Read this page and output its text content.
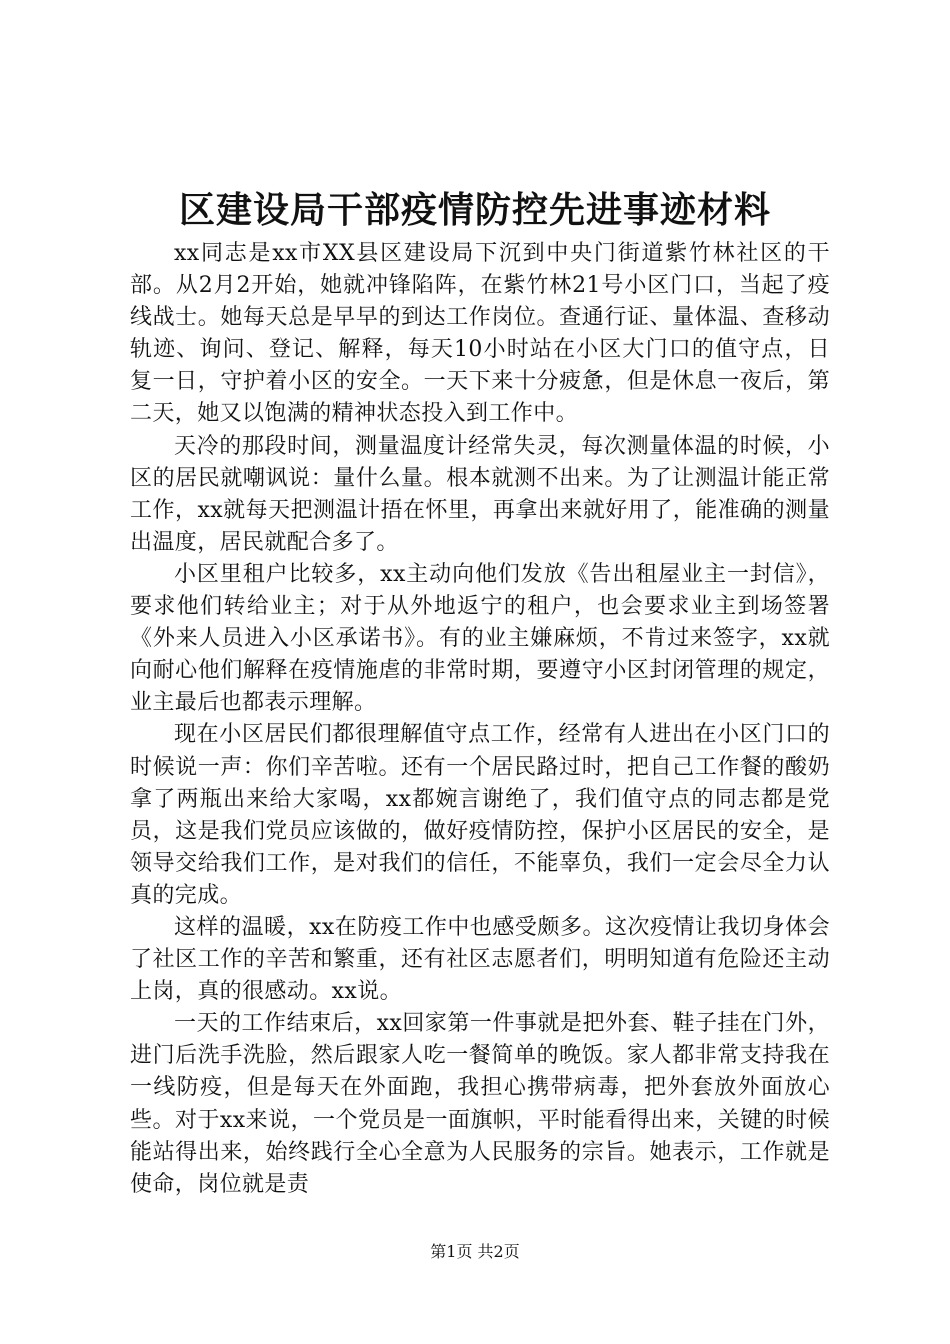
区建设局干部疫情防控先进事迹材料

xx同志是xx市XX县区建设局下沉到中央门街道紫竹林社区的干部。从2月2开始，她就冲锋陷阵，在紫竹林21号小区门口，当起了疫线战士。她每天总是早早的到达工作岗位。查通行证、量体温、查移动轨迹、询问、登记、解释，每天10小时站在小区大门口的值守点，日复一日，守护着小区的安全。一天下来十分疲惫，但是休息一夜后，第二天，她又以饱满的精神状态投入到工作中。

天冷的那段时间，测量温度计经常失灵，每次测量体温的时候，小区的居民就嘲讽说：量什么量。根本就测不出来。为了让测温计能正常工作，xx就每天把测温计捂在怀里，再拿出来就好用了，能准确的测量出温度，居民就配合多了。

小区里租户比较多，xx主动向他们发放《告出租屋业主一封信》，要求他们转给业主；对于从外地返宁的租户，也会要求业主到场签署《外来人员进入小区承诺书》。有的业主嫌麻烦，不肯过来签字，xx就向耐心他们解释在疫情施虐的非常时期，要遵守小区封闭管理的规定，业主最后也都表示理解。

现在小区居民们都很理解值守点工作，经常有人进出在小区门口的时候说一声：你们辛苦啦。还有一个居民路过时，把自己工作餐的酸奶拿了两瓶出来给大家喝，xx都婉言谢绝了，我们值守点的同志都是党员，这是我们党员应该做的，做好疫情防控，保护小区居民的安全，是领导交给我们工作，是对我们的信任，不能辜负，我们一定会尽全力认真的完成。

这样的温暖，xx在防疫工作中也感受颇多。这次疫情让我切身体会了社区工作的辛苦和繁重，还有社区志愿者们，明明知道有危险还主动上岗，真的很感动。xx说。

一天的工作结束后，xx回家第一件事就是把外套、鞋子挂在门外，进门后洗手洗脸，然后跟家人吃一餐简单的晚饭。家人都非常支持我在一线防疫，但是每天在外面跑，我担心携带病毒，把外套放外面放心些。对于xx来说，一个党员是一面旗帜，平时能看得出来，关键的时候能站得出来，始终践行全心全意为人民服务的宗旨。她表示，工作就是使命，岗位就是责

第1页 共2页
